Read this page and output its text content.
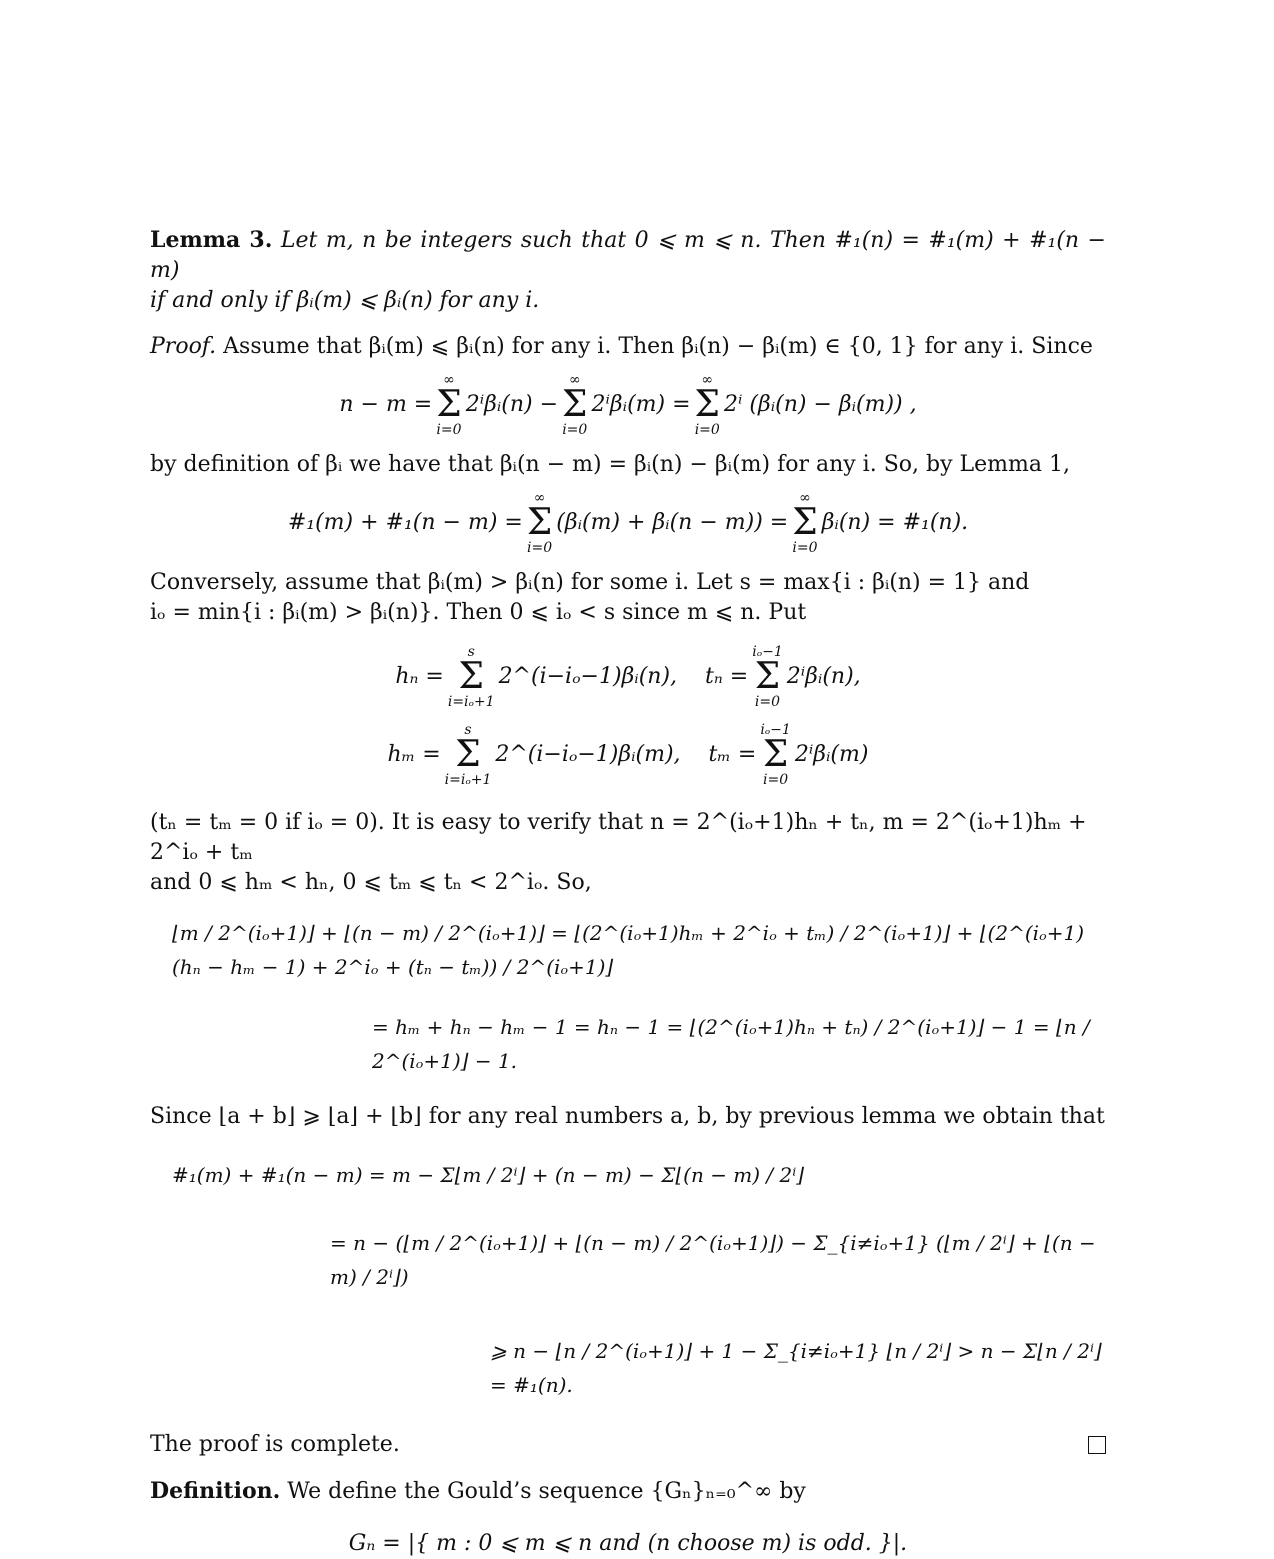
Lemma 3. Let m, n be integers such that 0 ⩽ m ⩽ n. Then #₁(n) = #₁(m) + #₁(n − m)
if and only if βᵢ(m) ⩽ βᵢ(n) for any i.

Proof. Assume that βᵢ(m) ⩽ βᵢ(n) for any i. Then βᵢ(n) − βᵢ(m) ∈ {0, 1} for any i. Since

n − m =
∞
Σ
i=0
2ⁱβᵢ(n) −
∞
Σ
i=0
2ⁱβᵢ(m) =
∞
Σ
i=0
2ⁱ (βᵢ(n) − βᵢ(m)) ,

by definition of βᵢ we have that βᵢ(n − m) = βᵢ(n) − βᵢ(m) for any i. So, by Lemma 1,

#₁(m) + #₁(n − m) =
∞
Σ
i=0
(βᵢ(m) + βᵢ(n − m)) =
∞
Σ
i=0
βᵢ(n) = #₁(n).

Conversely, assume that βᵢ(m) > βᵢ(n) for some i. Let s = max{i : βᵢ(n) = 1} and
iₒ = min{i : βᵢ(m) > βᵢ(n)}. Then 0 ⩽ iₒ < s since m ⩽ n. Put

hₙ =
s
Σ
i=iₒ+1
2^(i−iₒ−1)βᵢ(n), tₙ =
iₒ−1
Σ
i=0
2ⁱβᵢ(n),
hₘ =
s
Σ
i=iₒ+1
2^(i−iₒ−1)βᵢ(m), tₘ =
iₒ−1
Σ
i=0
2ⁱβᵢ(m)

(tₙ = tₘ = 0 if iₒ = 0). It is easy to verify that n = 2^(iₒ+1)hₙ + tₙ, m = 2^(iₒ+1)hₘ + 2^iₒ + tₘ
and 0 ⩽ hₘ < hₙ, 0 ⩽ tₘ ⩽ tₙ < 2^iₒ. So,

⌊m / 2^(iₒ+1)⌋ + ⌊(n − m) / 2^(iₒ+1)⌋ = ⌊(2^(iₒ+1)hₘ + 2^iₒ + tₘ) / 2^(iₒ+1)⌋ + ⌊(2^(iₒ+1)(hₙ − hₘ − 1) + 2^iₒ + (tₙ − tₘ)) / 2^(iₒ+1)⌋
= hₘ + hₙ − hₘ − 1 = hₙ − 1 = ⌊(2^(iₒ+1)hₙ + tₙ) / 2^(iₒ+1)⌋ − 1 = ⌊n / 2^(iₒ+1)⌋ − 1.

Since ⌊a + b⌋ ⩾ ⌊a⌋ + ⌊b⌋ for any real numbers a, b, by previous lemma we obtain that

#₁(m) + #₁(n − m) = m − Σ⌊m / 2ⁱ⌋ + (n − m) − Σ⌊(n − m) / 2ⁱ⌋
= n − (⌊m / 2^(iₒ+1)⌋ + ⌊(n − m) / 2^(iₒ+1)⌋) − Σ_{i≠iₒ+1} (⌊m / 2ⁱ⌋ + ⌊(n − m) / 2ⁱ⌋)
⩾ n − ⌊n / 2^(iₒ+1)⌋ + 1 − Σ_{i≠iₒ+1} ⌊n / 2ⁱ⌋ > n − Σ⌊n / 2ⁱ⌋ = #₁(n).
The proof is complete.

Definition. We define the Gould’s sequence {Gₙ}ₙ₌₀^∞ by

Gₙ = |{ m : 0 ⩽ m ⩽ n and (n choose m) is odd. }|.
